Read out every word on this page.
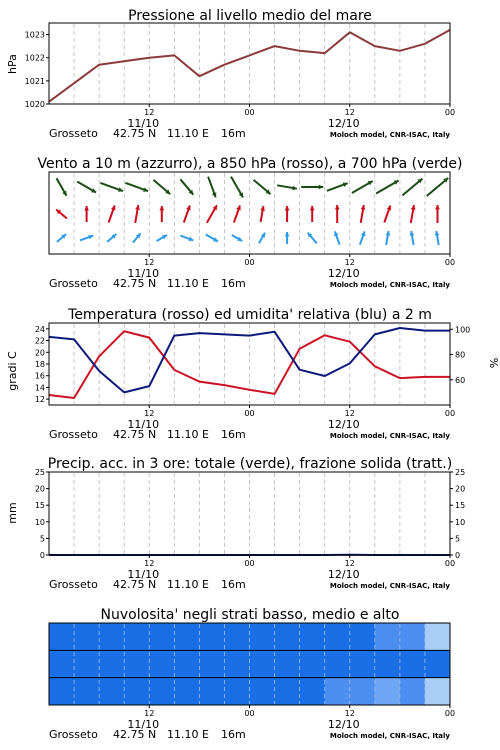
Pressione al livello medio del mare
Vento a 10 m (azzurro), a 850 hPa (rosso), a 700 hPa (verde)
Temperatura (rosso) ed umidita' relativa (blu) a 2 m
Precip. acc. in 3 ore: totale (verde), frazione solida (tratt.)
Nuvolosita' negli strati basso, medio e alto
hPa
gradi C	%
mm
1020
1021
1022
1023
12
11/10
00	12
12/10
00
Grosseto 42.75 N 11.10 E 16m	Moloch model, CNR-ISAC, Italy
12
11/10
00	12
12/10
00
Grosseto 42.75 N 11.10 E 16m	Moloch model, CNR-ISAC, Italy
12
14
16
18
20
22
24
60
80
100
12
11/10
00	12
12/10
00
Grosseto 42.75 N 11.10 E 16m	Moloch model, CNR-ISAC, Italy
0
5
10
15
20
25
0
5
10
15
20
25
12
11/10
00	12
12/10
00
Grosseto 42.75 N 11.10 E 16m	Moloch model, CNR-ISAC, Italy
12
11/10
00	12
12/10
00
Grosseto 42.75 N 11.10 E 16m	Moloch model, CNR-ISAC, Italy
